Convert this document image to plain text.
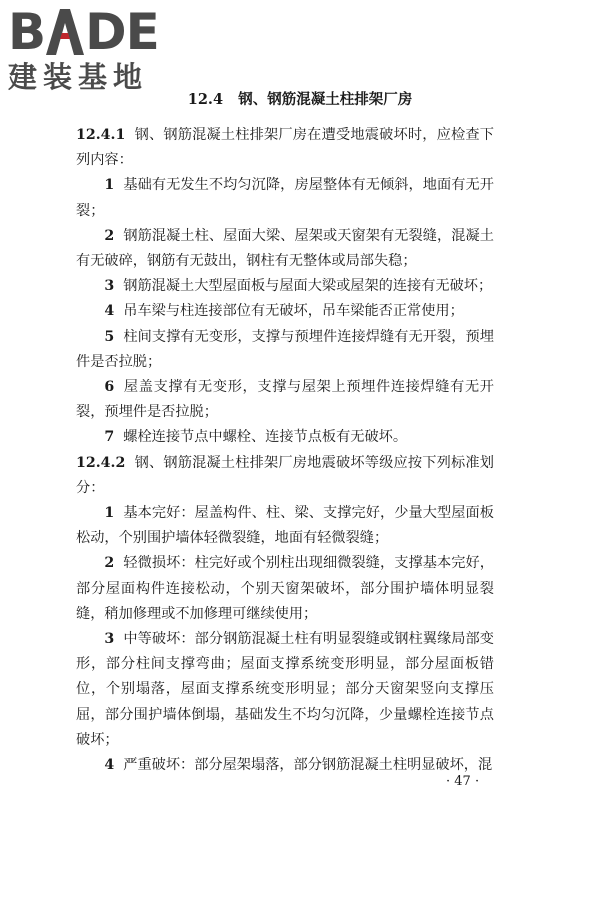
B DE
建装基地
12.4 钢、钢筋混凝土柱排架厂房

12.4.1 钢、钢筋混凝土柱排架厂房在遭受地震破坏时，应检查下列内容：

1 基础有无发生不均匀沉降，房屋整体有无倾斜，地面有无开裂；

2 钢筋混凝土柱、屋面大梁、屋架或天窗架有无裂缝，混凝土有无破碎，钢筋有无鼓出，钢柱有无整体或局部失稳；

3 钢筋混凝土大型屋面板与屋面大梁或屋架的连接有无破坏；

4 吊车梁与柱连接部位有无破坏，吊车梁能否正常使用；

5 柱间支撑有无变形，支撑与预埋件连接焊缝有无开裂，预埋件是否拉脱；

6 屋盖支撑有无变形，支撑与屋架上预埋件连接焊缝有无开裂，预埋件是否拉脱；

7 螺栓连接节点中螺栓、连接节点板有无破坏。

12.4.2 钢、钢筋混凝土柱排架厂房地震破坏等级应按下列标准划分：

1 基本完好：屋盖构件、柱、梁、支撑完好，少量大型屋面板松动，个别围护墙体轻微裂缝，地面有轻微裂缝；

2 轻微损坏：柱完好或个别柱出现细微裂缝，支撑基本完好，部分屋面构件连接松动，个别天窗架破坏，部分围护墙体明显裂缝，稍加修理或不加修理可继续使用；

3 中等破坏：部分钢筋混凝土柱有明显裂缝或钢柱翼缘局部变形，部分柱间支撑弯曲；屋面支撑系统变形明显，部分屋面板错位，个别塌落，屋面支撑系统变形明显；部分天窗架竖向支撑压屈，部分围护墙体倒塌，基础发生不均匀沉降，少量螺栓连接节点破坏；

4 严重破坏：部分屋架塌落，部分钢筋混凝土柱明显破坏，混

· 47 ·
